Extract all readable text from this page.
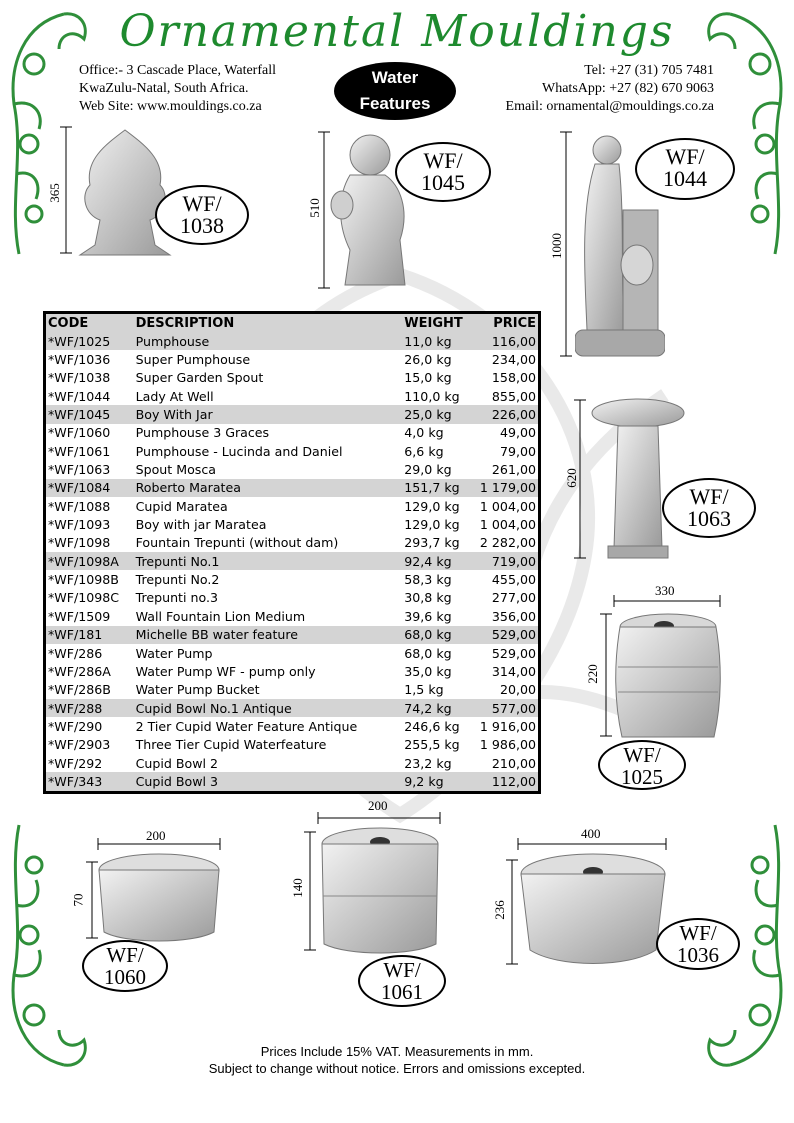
Ornamental Mouldings
Office:- 3 Cascade Place, Waterfall
KwaZulu-Natal, South Africa.
Web Site: www.mouldings.co.za
Tel: +27 (31) 705 7481
WhatsApp: +27 (82) 670 9063
Email: ornamental@mouldings.co.za
Water
Features
365	WF/
1038
510
WF/
1045
1000
WF/
1044
620
WF/
1063
330
220
WF/
1025
200
70
WF/
1060
200
140
WF/
1061
400
236
WF/
1036
CODE	DESCRIPTION	WEIGHT	PRICE
*WF/1025	Pumphouse	11,0 kg	116,00
*WF/1036	Super Pumphouse	26,0 kg	234,00
*WF/1038	Super Garden Spout	15,0 kg	158,00
*WF/1044	Lady At Well	110,0 kg	855,00
*WF/1045	Boy With Jar	25,0 kg	226,00
*WF/1060	Pumphouse 3 Graces	4,0 kg	49,00
*WF/1061	Pumphouse - Lucinda and Daniel	6,6 kg	79,00
*WF/1063	Spout Mosca	29,0 kg	261,00
*WF/1084	Roberto Maratea	151,7 kg	1 179,00
*WF/1088	Cupid Maratea	129,0 kg	1 004,00
*WF/1093	Boy with jar Maratea	129,0 kg	1 004,00
*WF/1098	Fountain Trepunti (without dam)	293,7 kg	2 282,00
*WF/1098A	Trepunti No.1	92,4 kg	719,00
*WF/1098B	Trepunti No.2	58,3 kg	455,00
*WF/1098C	Trepunti no.3	30,8 kg	277,00
*WF/1509	Wall Fountain Lion Medium	39,6 kg	356,00
*WF/181	Michelle BB water feature	68,0 kg	529,00
*WF/286	Water Pump	68,0 kg	529,00
*WF/286A	Water Pump WF - pump only	35,0 kg	314,00
*WF/286B	Water Pump Bucket	1,5 kg	20,00
*WF/288	Cupid Bowl No.1 Antique	74,2 kg	577,00
*WF/290	2 Tier Cupid Water Feature Antique	246,6 kg	1 916,00
*WF/2903	Three Tier Cupid Waterfeature	255,5 kg	1 986,00
*WF/292	Cupid Bowl 2	23,2 kg	210,00
*WF/343	Cupid Bowl 3	9,2 kg	112,00
Prices Include 15% VAT. Measurements in mm.
Subject to change without notice. Errors and omissions excepted.
